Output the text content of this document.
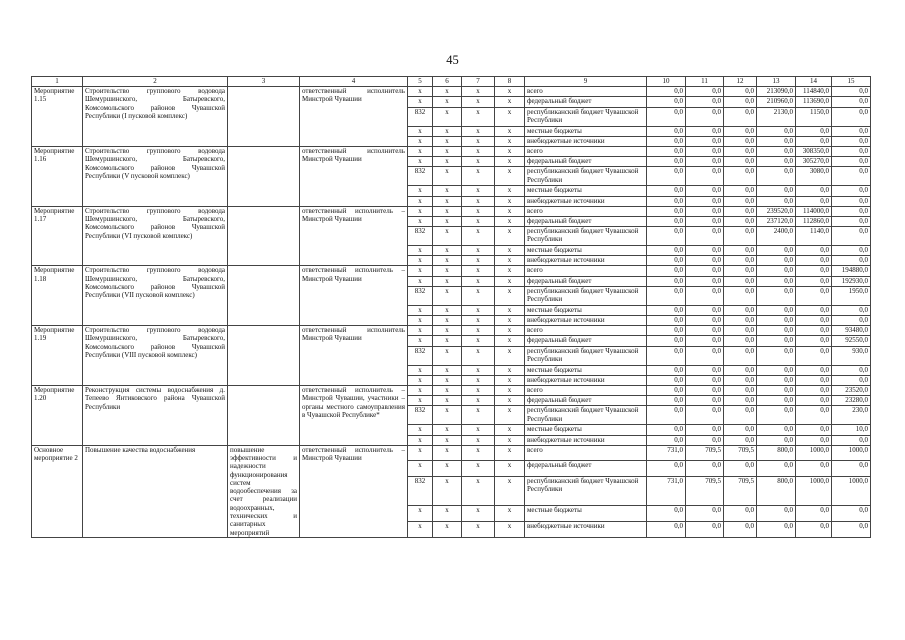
45
1	2	3	4	5	6	7	8	9	10	11	12	13	14	15
Мероприятие 1.15	Строительство группового водовода Шемуршинского, Батыревского, Комсомольского районов Чувашской Республики (I пусковой комплекс)		ответственный исполнитель Минстрой Чувашии	x	x	x	x	всего	0,0	0,0	0,0	213090,0	114840,0	0,0
				x	x	x	x	федеральный бюджет	0,0	0,0	0,0	210960,0	113690,0	0,0
				832	x	x	x	республиканский бюджет Чувашской Республики	0,0	0,0	0,0	2130,0	1150,0	0,0
				x	x	x	x	местные бюджеты	0,0	0,0	0,0	0,0	0,0	0,0
				x	x	x	x	внебюджетные источники	0,0	0,0	0,0	0,0	0,0	0,0
Мероприятие 1.16	Строительство группового водовода Шемуршинского, Батыревского, Комсомольского районов Чувашской Республики (V пусковой комплекс)		ответственный исполнитель Минстрой Чувашии	x	x	x	x	всего	0,0	0,0	0,0	0,0	308350,0	0,0
				x	x	x	x	федеральный бюджет	0,0	0,0	0,0	0,0	305270,0	0,0
				832	x	x	x	республиканский бюджет Чувашской Республики	0,0	0,0	0,0	0,0	3080,0	0,0
				x	x	x	x	местные бюджеты	0,0	0,0	0,0	0,0	0,0	0,0
				x	x	x	x	внебюджетные источники	0,0	0,0	0,0	0,0	0,0	0,0
Мероприятие 1.17	Строительство группового водовода Шемуршинского, Батыревского, Комсомольского районов Чувашской Республики (VI пусковой комплекс)		ответственный исполнитель – Минстрой Чувашии	x	x	x	x	всего	0,0	0,0	0,0	239520,0	114000,0	0,0
				x	x	x	x	федеральный бюджет	0,0	0,0	0,0	237120,0	112860,0	0,0
				832	x	x	x	республиканский бюджет Чувашской Республики	0,0	0,0	0,0	2400,0	1140,0	0,0
				x	x	x	x	местные бюджеты	0,0	0,0	0,0	0,0	0,0	0,0
				x	x	x	x	внебюджетные источники	0,0	0,0	0,0	0,0	0,0	0,0
Мероприятие 1.18	Строительство группового водовода Шемуршинского, Батыревского, Комсомольского районов Чувашской Республики (VII пусковой комплекс)		ответственный исполнитель – Минстрой Чувашии	x	x	x	x	всего	0,0	0,0	0,0	0,0	0,0	194880,0
				x	x	x	x	федеральный бюджет	0,0	0,0	0,0	0,0	0,0	192930,0
				832	x	x	x	республиканский бюджет Чувашской Республики	0,0	0,0	0,0	0,0	0,0	1950,0
				x	x	x	x	местные бюджеты	0,0	0,0	0,0	0,0	0,0	0,0
				x	x	x	x	внебюджетные источники	0,0	0,0	0,0	0,0	0,0	0,0
Мероприятие 1.19	Строительство группового водовода Шемуршинского, Батыревского, Комсомольского районов Чувашской Республики (VIII пусковой комплекс)		ответственный исполнитель Минстрой Чувашии	x	x	x	x	всего	0,0	0,0	0,0	0,0	0,0	93480,0
				x	x	x	x	федеральный бюджет	0,0	0,0	0,0	0,0	0,0	92550,0
				832	x	x	x	республиканский бюджет Чувашской Республики	0,0	0,0	0,0	0,0	0,0	930,0
				x	x	x	x	местные бюджеты	0,0	0,0	0,0	0,0	0,0	0,0
				x	x	x	x	внебюджетные источники	0,0	0,0	0,0	0,0	0,0	0,0
Мероприятие 1.20	Реконструкция системы водоснабжения д. Тепеево Янтиковского района Чувашской Республики		ответственный исполнитель – Минстрой Чувашии, участники – органы местного самоуправления в Чувашской Республике*	x	x	x	x	всего	0,0	0,0	0,0	0,0	0,0	23520,0
				x	x	x	x	федеральный бюджет	0,0	0,0	0,0	0,0	0,0	23280,0
				832	x	x	x	республиканский бюджет Чувашской Республики	0,0	0,0	0,0	0,0	0,0	230,0
				x	x	x	x	местные бюджеты	0,0	0,0	0,0	0,0	0,0	10,0
				x	x	x	x	внебюджетные источники	0,0	0,0	0,0	0,0	0,0	0,0
Основное мероприятие 2	Повышение качества водоснабжения	повышение эффективности и надежности функционирования систем водообеспечения за счет реализации водоохранных, технических и санитарных мероприятий	ответственный исполнитель – Минстрой Чувашии	x	x	x	x	всего	731,0	709,5	709,5	800,0	1000,0	1000,0
				x	x	x	x	федеральный бюджет	0,0	0,0	0,0	0,0	0,0	0,0
				832	x	x	x	республиканский бюджет Чувашской Республики	731,0	709,5	709,5	800,0	1000,0	1000,0
				x	x	x	x	местные бюджеты	0,0	0,0	0,0	0,0	0,0	0,0
				x	x	x	x	внебюджетные источники	0,0	0,0	0,0	0,0	0,0	0,0
